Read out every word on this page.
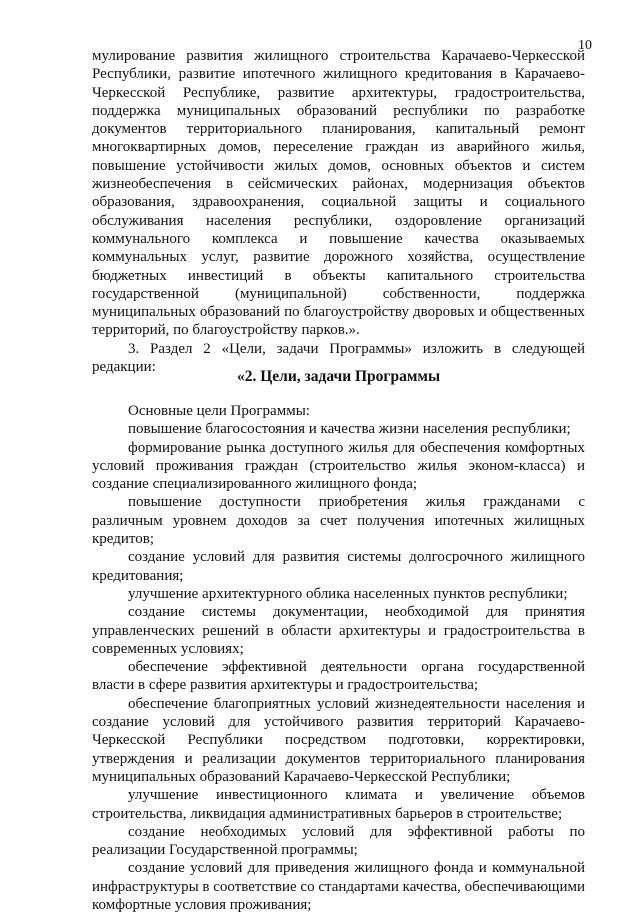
10

мулирование развития жилищного строительства Карачаево-Черкесской Республики, развитие ипотечного жилищного кредитования в Карачаево-Черкесской Республике, развитие архитектуры, градостроительства, поддержка муниципальных образований республики по разработке документов территориального планирования, капитальный ремонт многоквартирных домов, переселение граждан из аварийного жилья, повышение устойчивости жилых домов, основных объектов и систем жизнеобеспечения в сейсмических районах, модернизация объектов образования, здравоохранения, социальной защиты и социального обслуживания населения республики, оздоровление организаций коммунального комплекса и повышение качества оказываемых коммунальных услуг, развитие дорожного хозяйства, осуществление бюджетных инвестиций в объекты капитального строительства государственной (муниципальной) собственности, поддержка муниципальных образований по благоустройству дворовых и общественных территорий, по благоустройству парков.».

3. Раздел 2 «Цели, задачи Программы» изложить в следующей редакции:

«2. Цели, задачи Программы

Основные цели Программы:

повышение благосостояния и качества жизни населения республики;

формирование рынка доступного жилья для обеспечения комфортных условий проживания граждан (строительство жилья эконом-класса) и создание специализированного жилищного фонда;

повышение доступности приобретения жилья гражданами с различным уровнем доходов за счет получения ипотечных жилищных кредитов;

создание условий для развития системы долгосрочного жилищного кредитования;

улучшение архитектурного облика населенных пунктов республики;

создание системы документации, необходимой для принятия управленческих решений в области архитектуры и градостроительства в современных условиях;

обеспечение эффективной деятельности органа государственной власти в сфере развития архитектуры и градостроительства;

обеспечение благоприятных условий жизнедеятельности населения и создание условий для устойчивого развития территорий Карачаево-Черкесской Республики посредством подготовки, корректировки, утверждения и реализации документов территориального планирования муниципальных образований Карачаево-Черкесской Республики;

улучшение инвестиционного климата и увеличение объемов строительства, ликвидация административных барьеров в строительстве;

создание необходимых условий для эффективной работы по реализации Государственной программы;

создание условий для приведения жилищного фонда и коммунальной инфраструктуры в соответствие со стандартами качества, обеспечивающими комфортные условия проживания;
